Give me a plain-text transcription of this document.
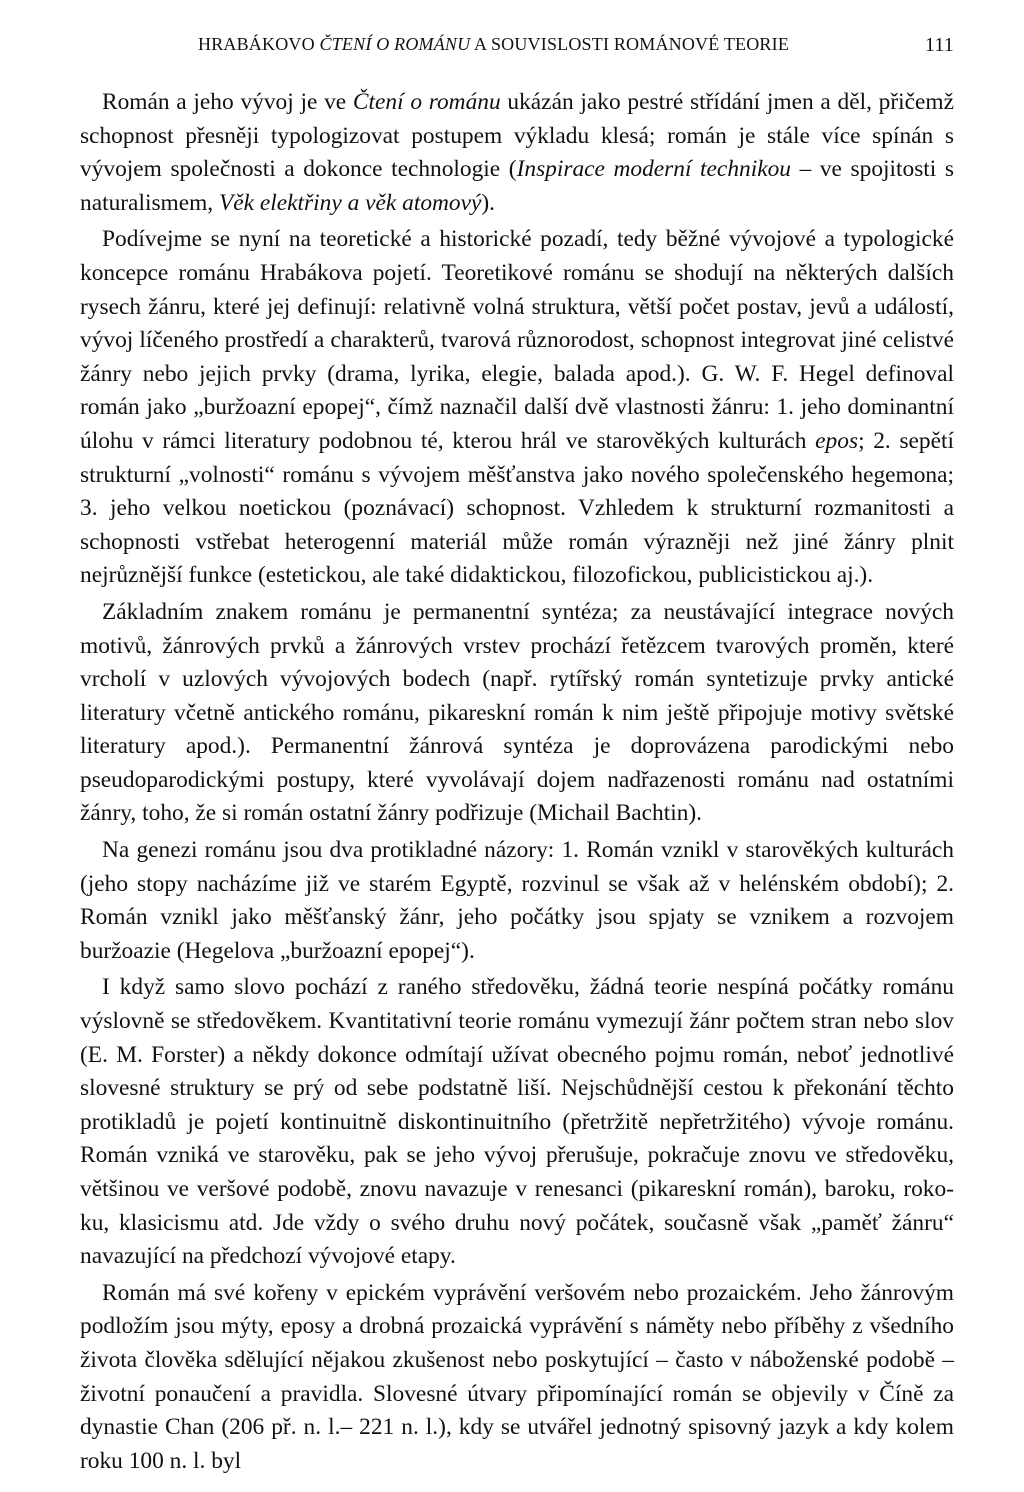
HRABÁKOVO ČTENÍ O ROMÁNU A SOUVISLOSTI ROMÁNOVÉ TEORIE	111

Román a jeho vývoj je ve Čtení o románu ukázán jako pestré střídání jmen a děl, přičemž schopnost přesněji typologizovat postupem výkladu klesá; román je stále více spínán s vývojem společnosti a dokonce technologie (Inspirace moderní technikou – ve spojitosti s naturalismem, Věk elektřiny a věk atomový).

Podívejme se nyní na teoretické a historické pozadí, tedy běžné vývojové a typologické koncepce románu Hrabákova pojetí. Teoretikové románu se shodují na některých dalších rysech žánru, které jej definují: relativně volná struktura, větší počet postav, jevů a událostí, vývoj líčeného prostředí a charakterů, tvarová různorodost, schopnost integrovat jiné celistvé žánry nebo jejich prvky (drama, lyrika, elegie, balada apod.). G. W. F. Hegel definoval román jako „buržoazní epopej“, čímž naznačil další dvě vlastnosti žánru: 1. jeho dominantní úlohu v rámci literatury podobnou té, kterou hrál ve starověkých kulturách epos; 2. sepětí strukturní „volnosti“ románu s vývojem měšťanstva jako nového společenského hegemona; 3. jeho velkou noetickou (poznávací) schopnost. Vzhledem k strukturní rozmanitosti a schopnosti vstřebat heterogenní materiál může román výrazněji než jiné žánry plnit nejrůznější funkce (estetickou, ale také didaktickou, filozofickou, publicistickou aj.).

Základním znakem románu je permanentní syntéza; za neustávající integrace nových motivů, žánrových prvků a žánrových vrstev prochází řetězcem tvarových proměn, které vrcholí v uzlových vývojových bodech (např. rytířský román syntetizuje prvky antické literatury včetně antického románu, pikareskní román k nim ještě připojuje motivy světské literatury apod.). Permanentní žánrová syntéza je doprovázena parodickými nebo pseudoparodickými postupy, které vyvolávají dojem nadřazenosti románu nad ostatními žánry, toho, že si román ostatní žánry podřizuje (Michail Bachtin).

Na genezi románu jsou dva protikladné názory: 1. Román vznikl v starověkých kulturách (jeho stopy nacházíme již ve starém Egyptě, rozvinul se však až v helénském období); 2. Román vznikl jako měšťanský žánr, jeho počátky jsou spjaty se vznikem a rozvojem buržoazie (Hegelova „buržoazní epopej“).

I když samo slovo pochází z raného středověku, žádná teorie nespíná počátky románu výslovně se středověkem. Kvantitativní teorie románu vymezují žánr počtem stran nebo slov (E. M. Forster) a někdy dokonce odmítají užívat obecného pojmu román, neboť jednotlivé slovesné struktury se prý od sebe podstatně liší. Nejschůdnější cestou k překonání těchto protikladů je pojetí kontinuitně diskontinuitního (přetržitě nepřetržitého) vývoje románu. Román vzniká ve starověku, pak se jeho vývoj přerušuje, pokračuje znovu ve středověku, většinou ve veršové podobě, znovu navazuje v renesanci (pikareskní román), baroku, rokoku, klasicismu atd. Jde vždy o svého druhu nový počátek, současně však „paměť žánru“ navazující na předchozí vývojové etapy.

Román má své kořeny v epickém vyprávění veršovém nebo prozaickém. Jeho žánrovým podložím jsou mýty, eposy a drobná prozaická vyprávění s náměty nebo příběhy z všedního života člověka sdělující nějakou zkušenost nebo poskytující – často v náboženské podobě – životní ponaučení a pravidla. Slovesné útvary připomínající román se objevily v Číně za dynastie Chan (206 př. n. l.– 221 n. l.), kdy se utvářel jednotný spisovný jazyk a kdy kolem roku 100 n. l. byl
